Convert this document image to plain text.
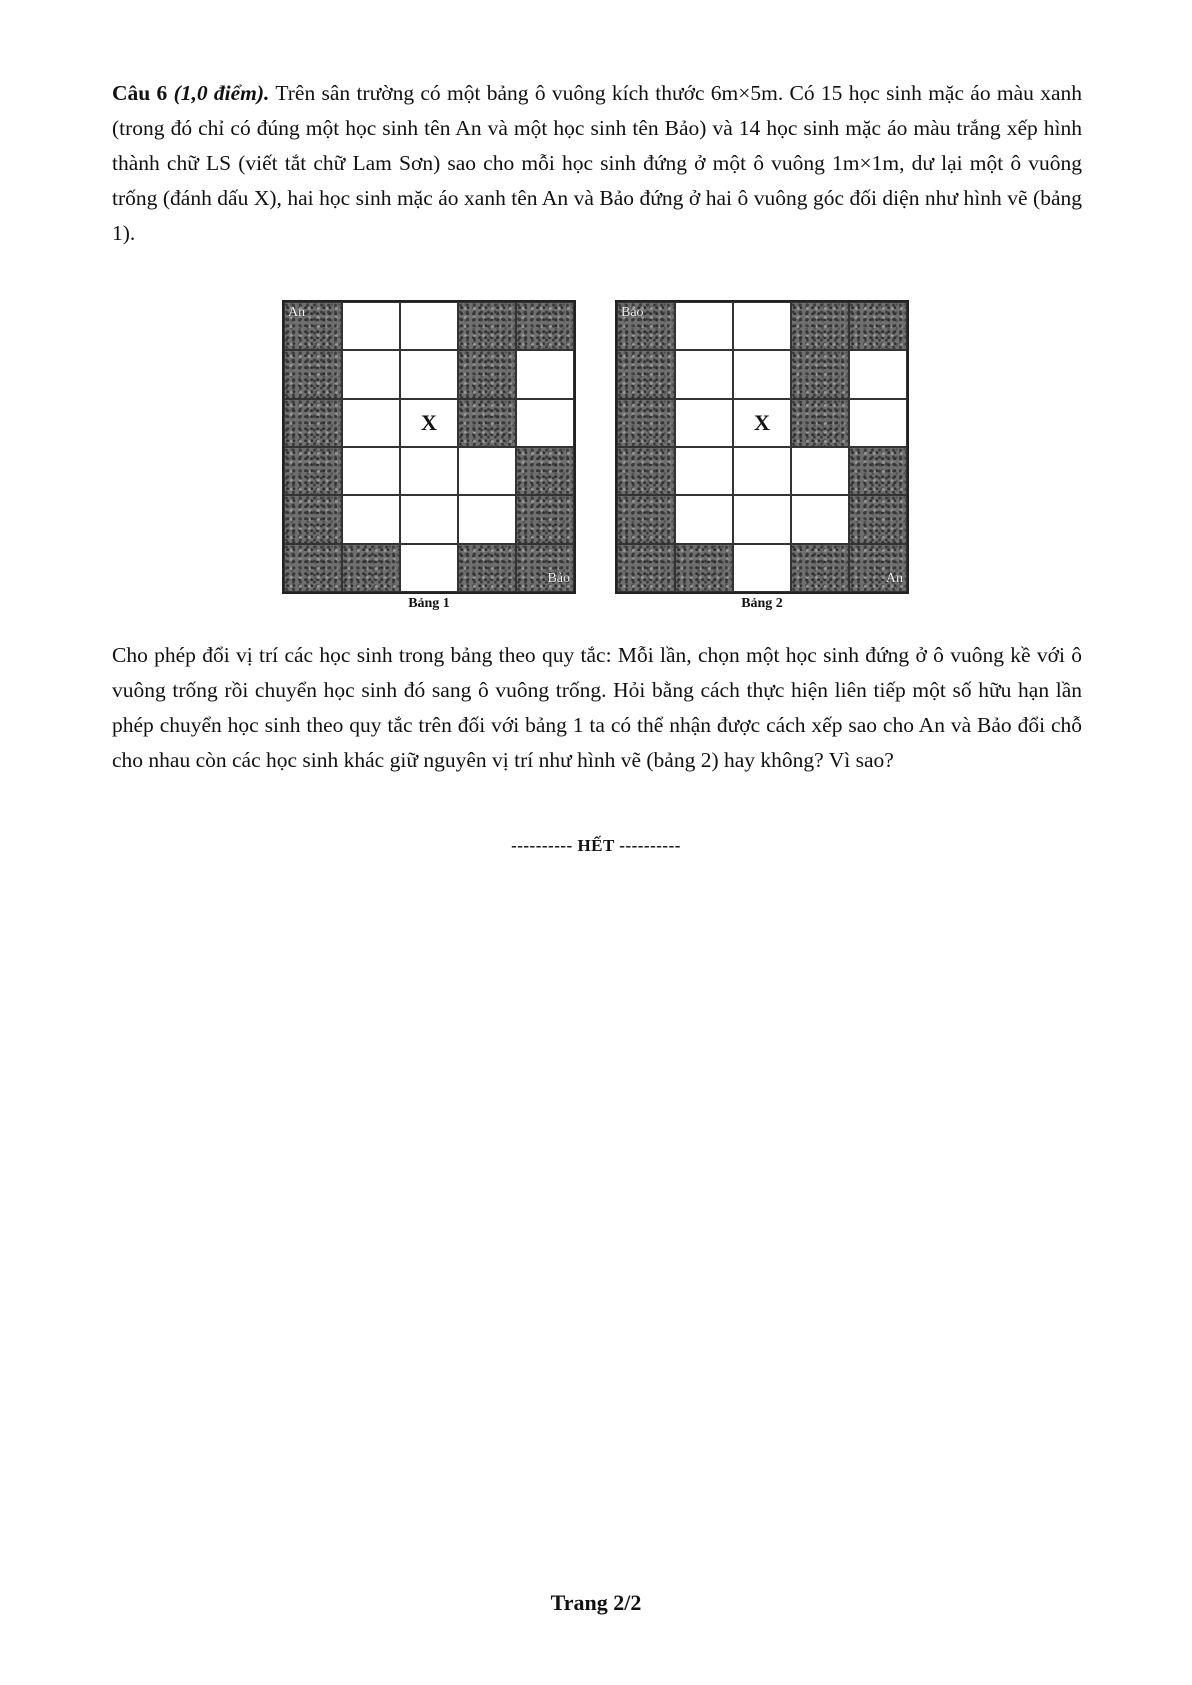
Câu 6 (1,0 điểm). Trên sân trường có một bảng ô vuông kích thước 6m×5m. Có 15 học sinh mặc áo màu xanh (trong đó chỉ có đúng một học sinh tên An và một học sinh tên Bảo) và 14 học sinh mặc áo màu trắng xếp hình thành chữ LS (viết tắt chữ Lam Sơn) sao cho mỗi học sinh đứng ở một ô vuông 1m×1m, dư lại một ô vuông trống (đánh dấu X), hai học sinh mặc áo xanh tên An và Bảo đứng ở hai ô vuông góc đối diện như hình vẽ (bảng 1).
An
X
Bảo
Bảng 1
Bảo
X
An
Bảng 2
Cho phép đổi vị trí các học sinh trong bảng theo quy tắc: Mỗi lần, chọn một học sinh đứng ở ô vuông kề với ô vuông trống rồi chuyển học sinh đó sang ô vuông trống. Hỏi bằng cách thực hiện liên tiếp một số hữu hạn lần phép chuyển học sinh theo quy tắc trên đối với bảng 1 ta có thể nhận được cách xếp sao cho An và Bảo đổi chỗ cho nhau còn các học sinh khác giữ nguyên vị trí như hình vẽ (bảng 2) hay không? Vì sao?
---------- HẾT ----------
Trang 2/2
